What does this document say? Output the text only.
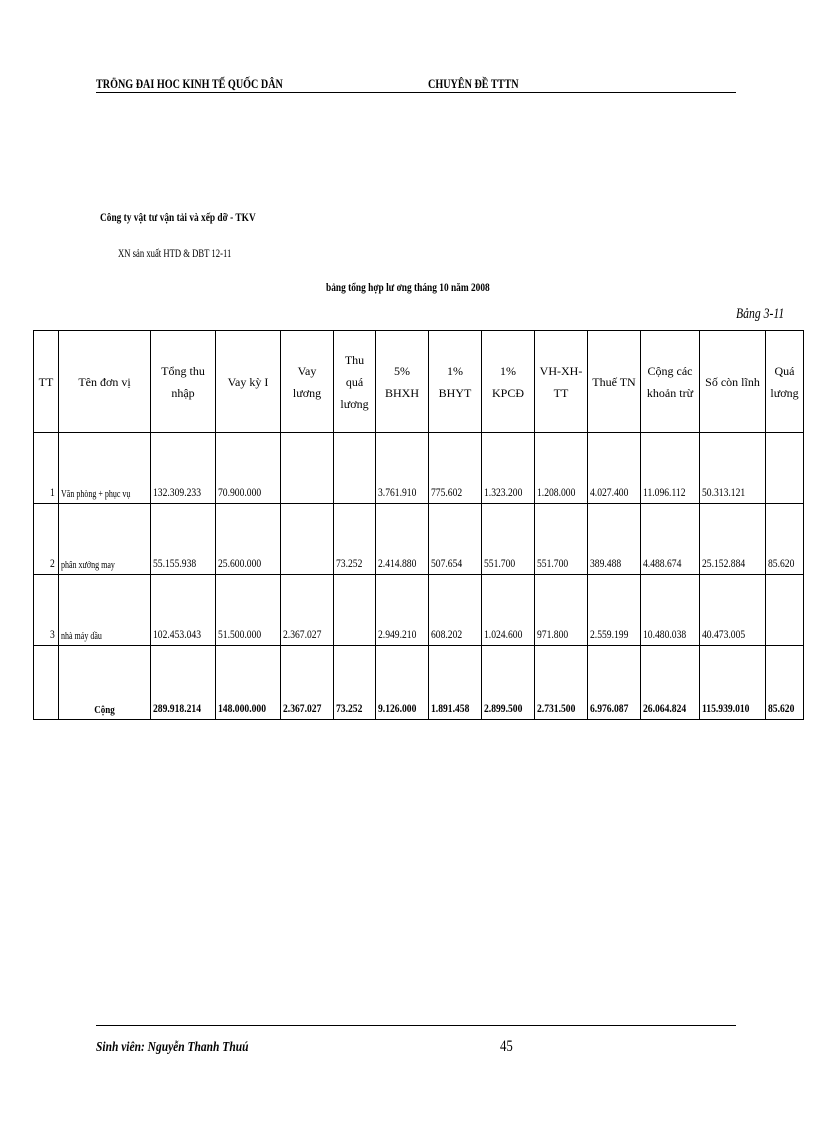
TRÖNG ĐAI HOC KINH TẾ QUỐC DÂN	CHUYÊN ĐỀ TTTN
Công ty vật tư vận tải và xếp dỡ - TKV
XN sản xuất HTD & DBT 12-11
bảng tổng hợp lư ơng tháng 10 năm 2008
Bảng 3-11
TT	Tên đơn vị	Tổng thu nhập	Vay kỳ I	Vay lương	Thu quá lương	5% BHXH	1% BHYT	1% KPCĐ	VH-XH-TT	Thuế TN	Cộng các khoản trừ	Số còn lĩnh	Quá lương
1	Văn phòng + phục vụ	132.309.233	70.900.000			3.761.910	775.602	1.323.200	1.208.000	4.027.400	11.096.112	50.313.121	
2	phân xưởng may	55.155.938	25.600.000		73.252	2.414.880	507.654	551.700	551.700	389.488	4.488.674	25.152.884	85.620
3	nhà máy dầu	102.453.043	51.500.000	2.367.027		2.949.210	608.202	1.024.600	971.800	2.559.199	10.480.038	40.473.005	
	Cộng	289.918.214	148.000.000	2.367.027	73.252	9.126.000	1.891.458	2.899.500	2.731.500	6.976.087	26.064.824	115.939.010	85.620
Sinh viên: Nguyễn Thanh Thuú	45
